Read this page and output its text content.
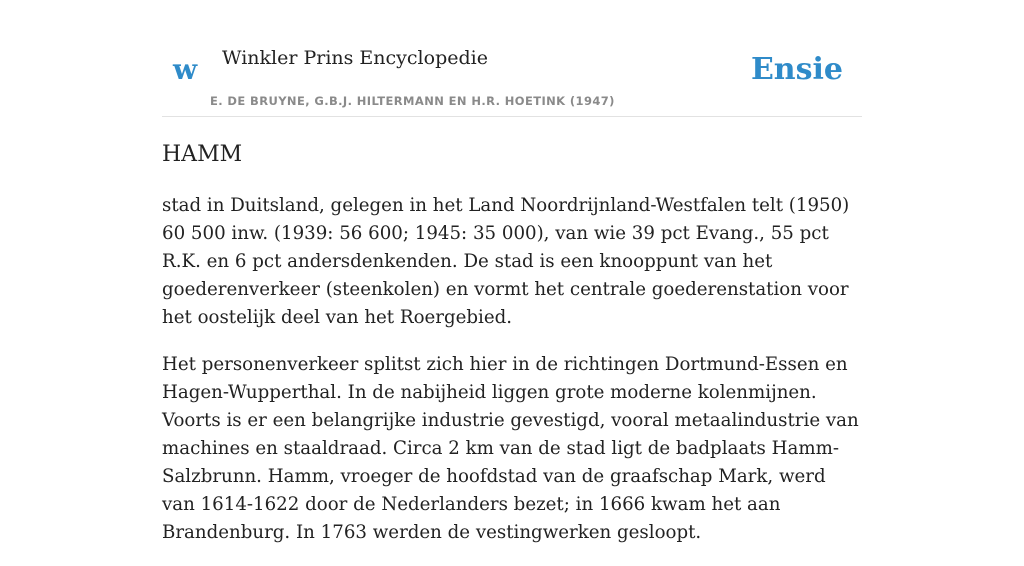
w Winkler Prins Encyclopedie
E. DE BRUYNE, G.B.J. HILTERMANN EN H.R. HOETINK (1947)
Ensie
HAMM

stad in Duitsland, gelegen in het Land Noordrijnland-Westfalen telt (1950) 60 500 inw. (1939: 56 600; 1945: 35 000), van wie 39 pct Evang., 55 pct R.K. en 6 pct andersdenkenden. De stad is een knooppunt van het goederenverkeer (steenkolen) en vormt het centrale goederenstation voor het oostelijk deel van het Roergebied.

Het personenverkeer splitst zich hier in de richtingen Dortmund-Essen en Hagen-Wupperthal. In de nabijheid liggen grote moderne kolenmijnen. Voorts is er een belangrijke industrie gevestigd, vooral metaalindustrie van machines en staaldraad. Circa 2 km van de stad ligt de badplaats Hamm-Salzbrunn. Hamm, vroeger de hoofdstad van de graafschap Mark, werd van 1614-1622 door de Nederlanders bezet; in 1666 kwam het aan Brandenburg. In 1763 werden de vestingwerken gesloopt.
